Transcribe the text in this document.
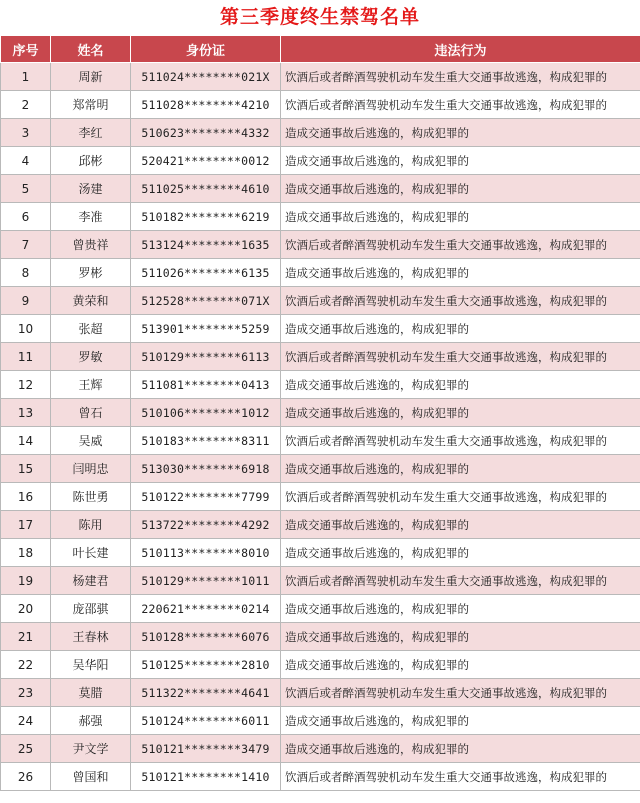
第三季度终生禁驾名单
序号	姓名	身份证	违法行为
1	周新	511024********021X	饮酒后或者醉酒驾驶机动车发生重大交通事故逃逸，构成犯罪的
2	郑常明	511028********4210	饮酒后或者醉酒驾驶机动车发生重大交通事故逃逸，构成犯罪的
3	李红	510623********4332	造成交通事故后逃逸的，构成犯罪的
4	邱彬	520421********0012	造成交通事故后逃逸的，构成犯罪的
5	汤建	511025********4610	造成交通事故后逃逸的，构成犯罪的
6	李准	510182********6219	造成交通事故后逃逸的，构成犯罪的
7	曾贵祥	513124********1635	饮酒后或者醉酒驾驶机动车发生重大交通事故逃逸，构成犯罪的
8	罗彬	511026********6135	造成交通事故后逃逸的，构成犯罪的
9	黄荣和	512528********071X	饮酒后或者醉酒驾驶机动车发生重大交通事故逃逸，构成犯罪的
10	张超	513901********5259	造成交通事故后逃逸的，构成犯罪的
11	罗敏	510129********6113	饮酒后或者醉酒驾驶机动车发生重大交通事故逃逸，构成犯罪的
12	王辉	511081********0413	造成交通事故后逃逸的，构成犯罪的
13	曾石	510106********1012	造成交通事故后逃逸的，构成犯罪的
14	吴威	510183********8311	饮酒后或者醉酒驾驶机动车发生重大交通事故逃逸，构成犯罪的
15	闫明忠	513030********6918	造成交通事故后逃逸的，构成犯罪的
16	陈世勇	510122********7799	饮酒后或者醉酒驾驶机动车发生重大交通事故逃逸，构成犯罪的
17	陈用	513722********4292	造成交通事故后逃逸的，构成犯罪的
18	叶长建	510113********8010	造成交通事故后逃逸的，构成犯罪的
19	杨建君	510129********1011	饮酒后或者醉酒驾驶机动车发生重大交通事故逃逸，构成犯罪的
20	庞邵骐	220621********0214	造成交通事故后逃逸的，构成犯罪的
21	王春林	510128********6076	造成交通事故后逃逸的，构成犯罪的
22	吴华阳	510125********2810	造成交通事故后逃逸的，构成犯罪的
23	莫腊	511322********4641	饮酒后或者醉酒驾驶机动车发生重大交通事故逃逸，构成犯罪的
24	郝强	510124********6011	造成交通事故后逃逸的，构成犯罪的
25	尹文学	510121********3479	造成交通事故后逃逸的，构成犯罪的
26	曾国和	510121********1410	饮酒后或者醉酒驾驶机动车发生重大交通事故逃逸，构成犯罪的
